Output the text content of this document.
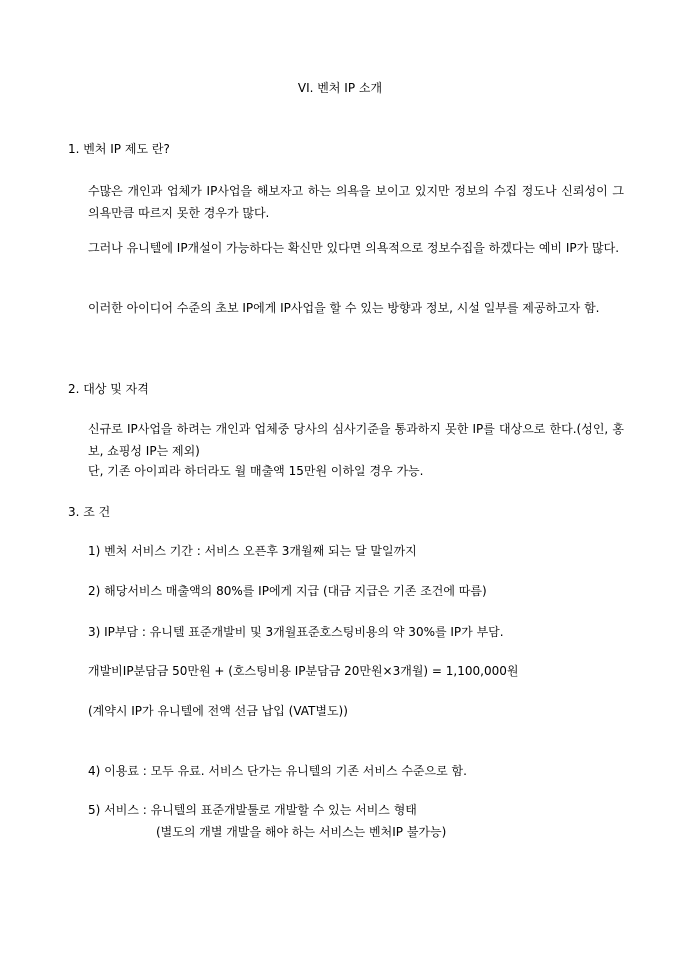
VI. 벤처 IP 소개
1. 벤처 IP 제도 란?
수많은 개인과 업체가 IP사업을 해보자고 하는 의욕을 보이고 있지만 정보의 수집 정도나 신뢰성이 그 의욕만큼 따르지 못한 경우가 많다.
그러나 유니텔에 IP개설이 가능하다는 확신만 있다면 의욕적으로 정보수집을 하겠다는 예비 IP가 많다.
이러한 아이디어 수준의 초보 IP에게 IP사업을 할 수 있는 방향과 정보, 시설 일부를 제공하고자 함.
2. 대상 및 자격
신규로 IP사업을 하려는 개인과 업체중 당사의 심사기준을 통과하지 못한 IP를 대상으로 한다.(성인, 홍보, 쇼핑성 IP는 제외)
단, 기존 아이피라 하더라도 월 매출액 15만원 이하일 경우 가능.
3. 조 건
1) 벤처 서비스 기간 : 서비스 오픈후 3개월째 되는 달 말일까지
2) 해당서비스 매출액의 80%를 IP에게 지급 (대금 지급은 기존 조건에 따름)
3) IP부담 : 유니텔 표준개발비 및 3개월표준호스팅비용의 약 30%를 IP가 부담.
개발비IP분담금 50만원 + (호스팅비용 IP분담금 20만원×3개월) = 1,100,000원
(계약시 IP가 유니텔에 전액 선금 납입 (VAT별도))
4) 이용료 : 모두 유료. 서비스 단가는 유니텔의 기존 서비스 수준으로 함.
5) 서비스 : 유니텔의 표준개발툴로 개발할 수 있는 서비스 형태
(별도의 개별 개발을 해야 하는 서비스는 벤처IP 불가능)
